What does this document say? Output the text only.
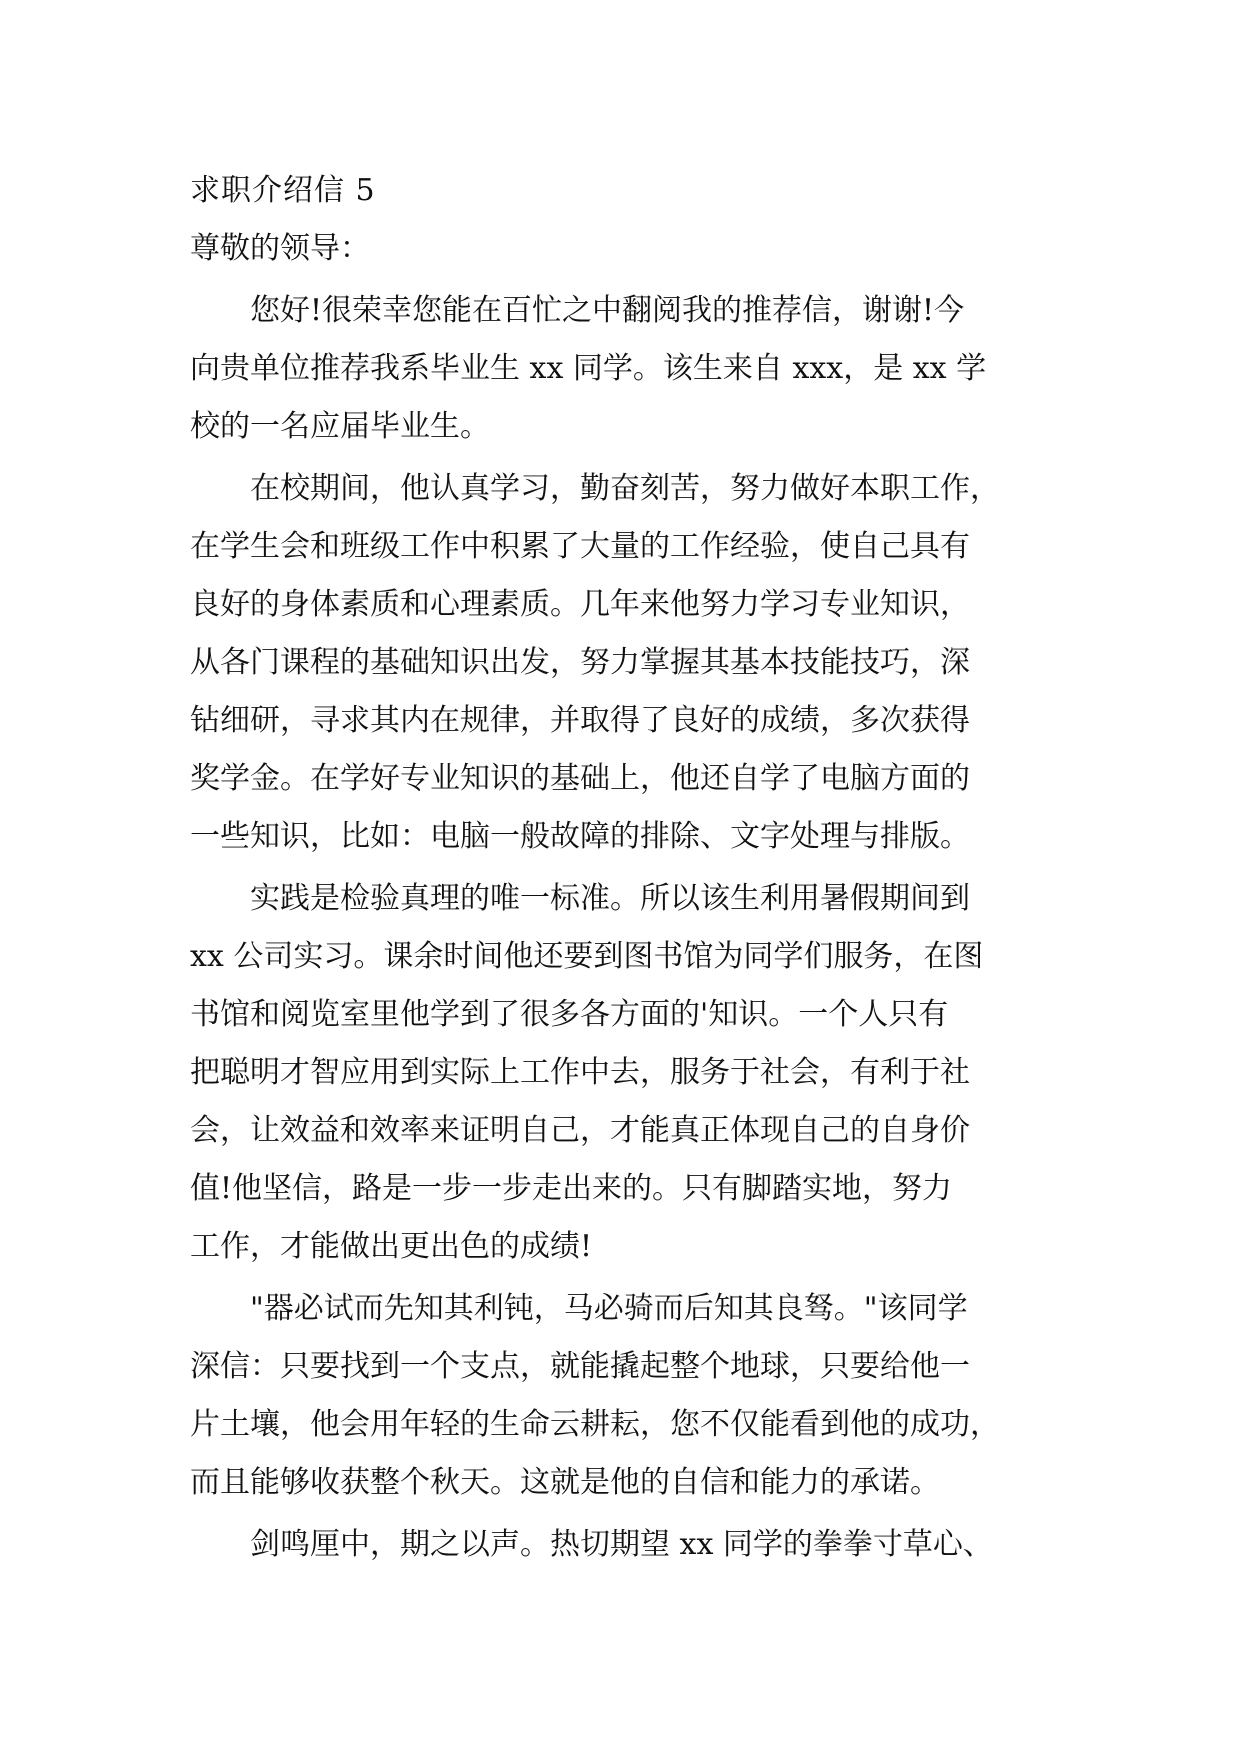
求职介绍信 5
尊敬的领导：
您好!很荣幸您能在百忙之中翻阅我的推荐信，谢谢!今
向贵单位推荐我系毕业生 xx 同学。该生来自 xxx，是 xx 学
校的一名应届毕业生。
在校期间，他认真学习，勤奋刻苦，努力做好本职工作，
在学生会和班级工作中积累了大量的工作经验，使自己具有
良好的身体素质和心理素质。几年来他努力学习专业知识，
从各门课程的基础知识出发，努力掌握其基本技能技巧，深
钻细研，寻求其内在规律，并取得了良好的成绩，多次获得
奖学金。在学好专业知识的基础上，他还自学了电脑方面的
一些知识，比如：电脑一般故障的排除、文字处理与排版。
实践是检验真理的唯一标准。所以该生利用暑假期间到
xx 公司实习。课余时间他还要到图书馆为同学们服务，在图
书馆和阅览室里他学到了很多各方面的'知识。一个人只有
把聪明才智应用到实际上工作中去，服务于社会，有利于社
会，让效益和效率来证明自己，才能真正体现自己的自身价
值!他坚信，路是一步一步走出来的。只有脚踏实地，努力
工作，才能做出更出色的成绩!
"器必试而先知其利钝，马必骑而后知其良驽。"该同学
深信：只要找到一个支点，就能撬起整个地球，只要给他一
片土壤，他会用年轻的生命云耕耘，您不仅能看到他的成功，
而且能够收获整个秋天。这就是他的自信和能力的承诺。
剑鸣厘中，期之以声。热切期望 xx 同学的拳拳寸草心、
